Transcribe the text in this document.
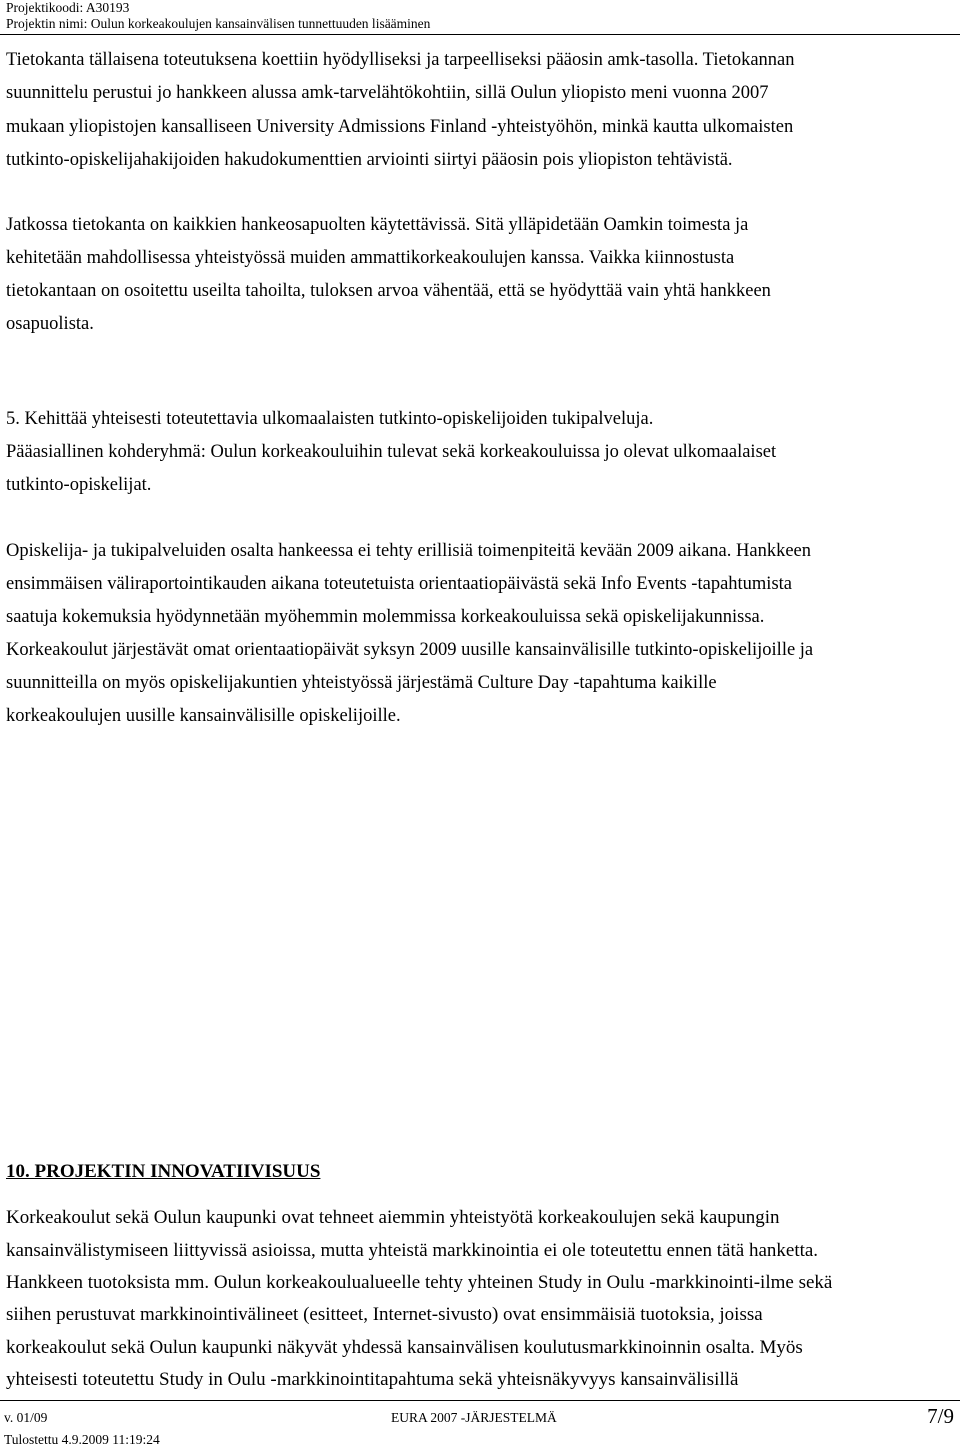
Projektikoodi: A30193
Projektin nimi: Oulun korkeakoulujen kansainvälisen tunnettuuden lisääminen
Tietokanta tällaisena toteutuksena koettiin hyödylliseksi ja tarpeelliseksi pääosin amk-tasolla. Tietokannan
suunnittelu perustui jo hankkeen alussa amk-tarvelähtökohtiin, sillä Oulun yliopisto meni vuonna 2007
mukaan yliopistojen kansalliseen University Admissions Finland -yhteistyöhön, minkä kautta ulkomaisten
tutkinto-opiskelijahakijoiden hakudokumenttien arviointi siirtyi pääosin pois yliopiston tehtävistä.
Jatkossa tietokanta on kaikkien hankeosapuolten käytettävissä. Sitä ylläpidetään Oamkin toimesta ja
kehitetään mahdollisessa yhteistyössä muiden ammattikorkeakoulujen kanssa. Vaikka kiinnostusta
tietokantaan on osoitettu useilta tahoilta, tuloksen arvoa vähentää, että se hyödyttää vain yhtä hankkeen
osapuolista.
5. Kehittää yhteisesti toteutettavia ulkomaalaisten tutkinto-opiskelijoiden tukipalveluja.
Pääasiallinen kohderyhmä: Oulun korkeakouluihin tulevat sekä korkeakouluissa jo olevat ulkomaalaiset
tutkinto-opiskelijat.
Opiskelija- ja tukipalveluiden osalta hankeessa ei tehty erillisiä toimenpiteitä kevään 2009 aikana. Hankkeen
ensimmäisen väliraportointikauden aikana toteutetuista orientaatiopäivästä sekä Info Events -tapahtumista
saatuja kokemuksia hyödynnetään myöhemmin molemmissa korkeakouluissa sekä opiskelijakunnissa.
Korkeakoulut järjestävät omat orientaatiopäivät syksyn 2009 uusille kansainvälisille tutkinto-opiskelijoille ja
suunnitteilla on myös opiskelijakuntien yhteistyössä järjestämä Culture Day -tapahtuma kaikille
korkeakoulujen uusille kansainvälisille opiskelijoille.
10. PROJEKTIN INNOVATIIVISUUS
Korkeakoulut sekä Oulun kaupunki ovat tehneet aiemmin yhteistyötä korkeakoulujen sekä kaupungin
kansainvälistymiseen liittyvissä asioissa, mutta yhteistä markkinointia ei ole toteutettu ennen tätä hanketta.
Hankkeen tuotoksista mm. Oulun korkeakoulualueelle tehty yhteinen Study in Oulu -markkinointi-ilme sekä
siihen perustuvat markkinointivälineet (esitteet, Internet-sivusto) ovat ensimmäisiä tuotoksia, joissa
korkeakoulut sekä Oulun kaupunki näkyvät yhdessä kansainvälisen koulutusmarkkinoinnin osalta. Myös
yhteisesti toteutettu Study in Oulu -markkinointitapahtuma sekä yhteisnäkyvyys kansainvälisillä
v. 01/09	EURA 2007 -JÄRJESTELMÄ	7/9
Tulostettu 4.9.2009 11:19:24
